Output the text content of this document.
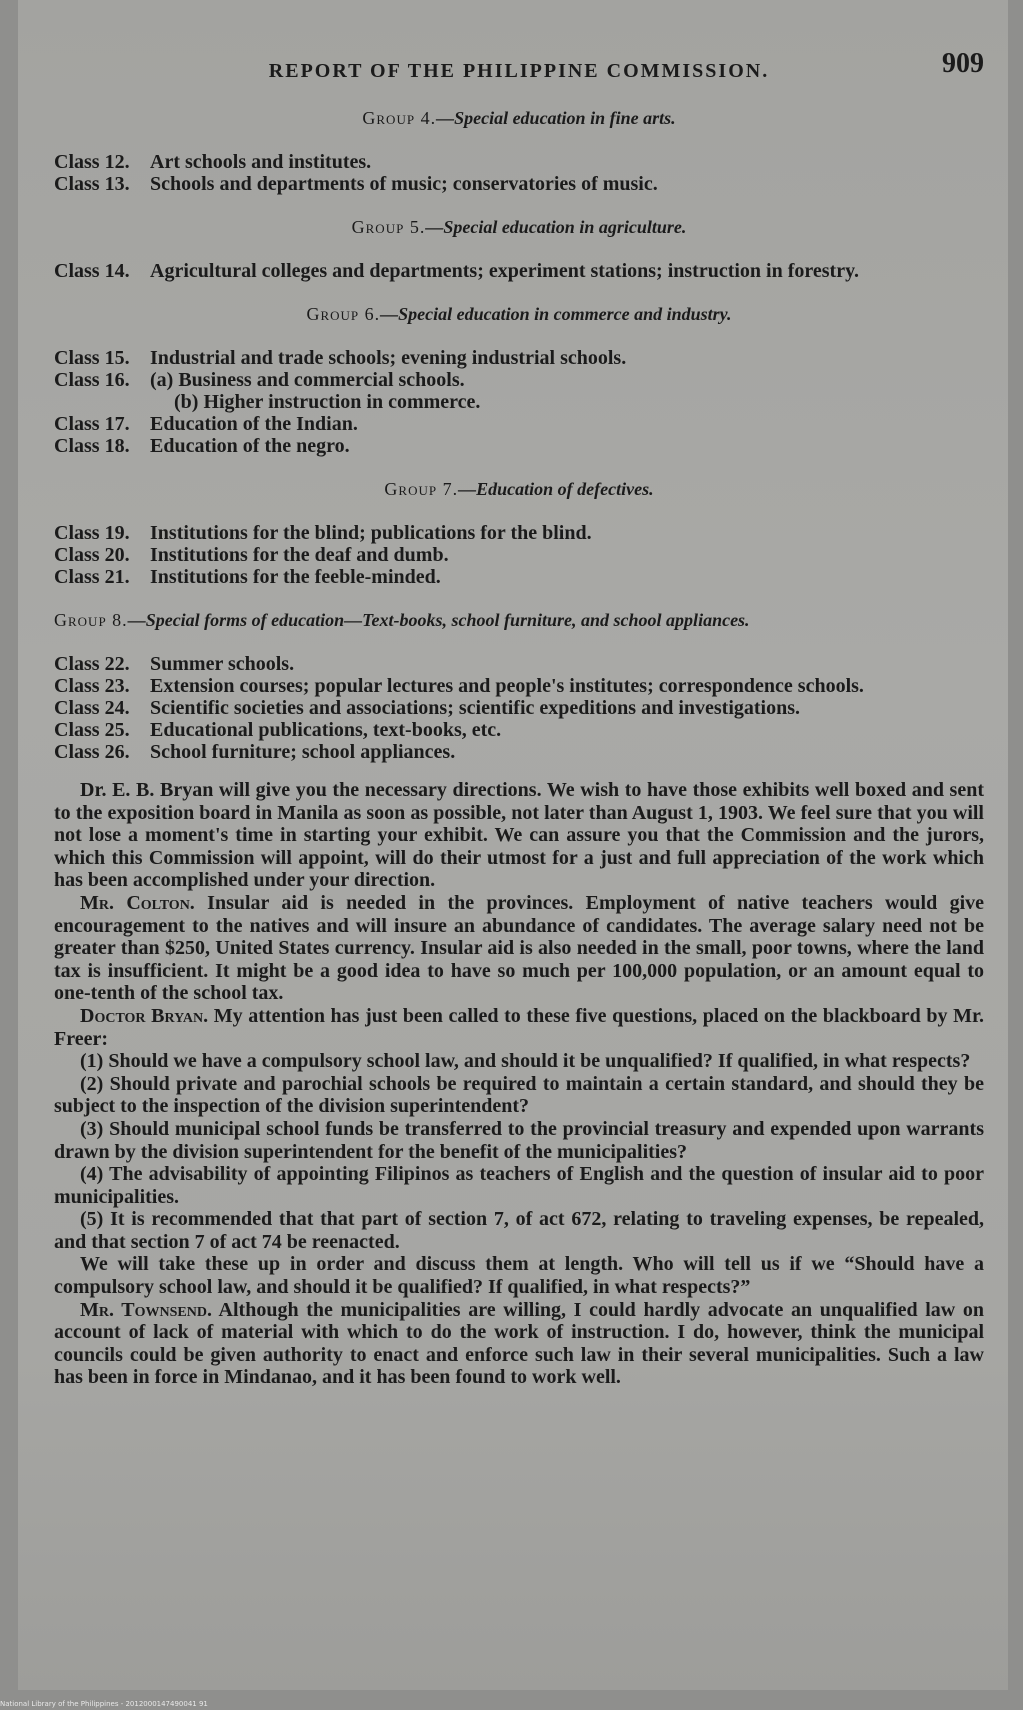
REPORT OF THE PHILIPPINE COMMISSION.	909
Group 4.—Special education in fine arts.
Class 12.	Art schools and institutes.
Class 13.	Schools and departments of music; conservatories of music.
Group 5.—Special education in agriculture.
Class 14.	Agricultural colleges and departments; experiment stations; instruction in forestry.
Group 6.—Special education in commerce and industry.
Class 15.	Industrial and trade schools; evening industrial schools.
Class 16.	(a) Business and commercial schools.
(b) Higher instruction in commerce.
Class 17.	Education of the Indian.
Class 18.	Education of the negro.
Group 7.—Education of defectives.
Class 19.	Institutions for the blind; publications for the blind.
Class 20.	Institutions for the deaf and dumb.
Class 21.	Institutions for the feeble-minded.
Group 8.—Special forms of education—Text-books, school furniture, and school appliances.
Class 22.	Summer schools.
Class 23.	Extension courses; popular lectures and people's institutes; correspondence schools.
Class 24.	Scientific societies and associations; scientific expeditions and investigations.
Class 25.	Educational publications, text-books, etc.
Class 26.	School furniture; school appliances.

Dr. E. B. Bryan will give you the necessary directions. We wish to have those exhibits well boxed and sent to the exposition board in Manila as soon as possible, not later than August 1, 1903. We feel sure that you will not lose a moment's time in starting your exhibit. We can assure you that the Commission and the jurors, which this Commission will appoint, will do their utmost for a just and full appreciation of the work which has been accomplished under your direction.

Mr. Colton. Insular aid is needed in the provinces. Employment of native teachers would give encouragement to the natives and will insure an abundance of candidates. The average salary need not be greater than $250, United States currency. Insular aid is also needed in the small, poor towns, where the land tax is insufficient. It might be a good idea to have so much per 100,000 population, or an amount equal to one-tenth of the school tax.

Doctor Bryan. My attention has just been called to these five questions, placed on the blackboard by Mr. Freer:

(1) Should we have a compulsory school law, and should it be unqualified? If qualified, in what respects?

(2) Should private and parochial schools be required to maintain a certain standard, and should they be subject to the inspection of the division superintendent?

(3) Should municipal school funds be transferred to the provincial treasury and expended upon warrants drawn by the division superintendent for the benefit of the municipalities?

(4) The advisability of appointing Filipinos as teachers of English and the question of insular aid to poor municipalities.

(5) It is recommended that that part of section 7, of act 672, relating to traveling expenses, be repealed, and that section 7 of act 74 be reenacted.

We will take these up in order and discuss them at length. Who will tell us if we “Should have a compulsory school law, and should it be qualified? If qualified, in what respects?”

Mr. Townsend. Although the municipalities are willing, I could hardly advocate an unqualified law on account of lack of material with which to do the work of instruction. I do, however, think the municipal councils could be given authority to enact and enforce such law in their several municipalities. Such a law has been in force in Mindanao, and it has been found to work well.

National Library of the Philippines - 2012000147490041 91
